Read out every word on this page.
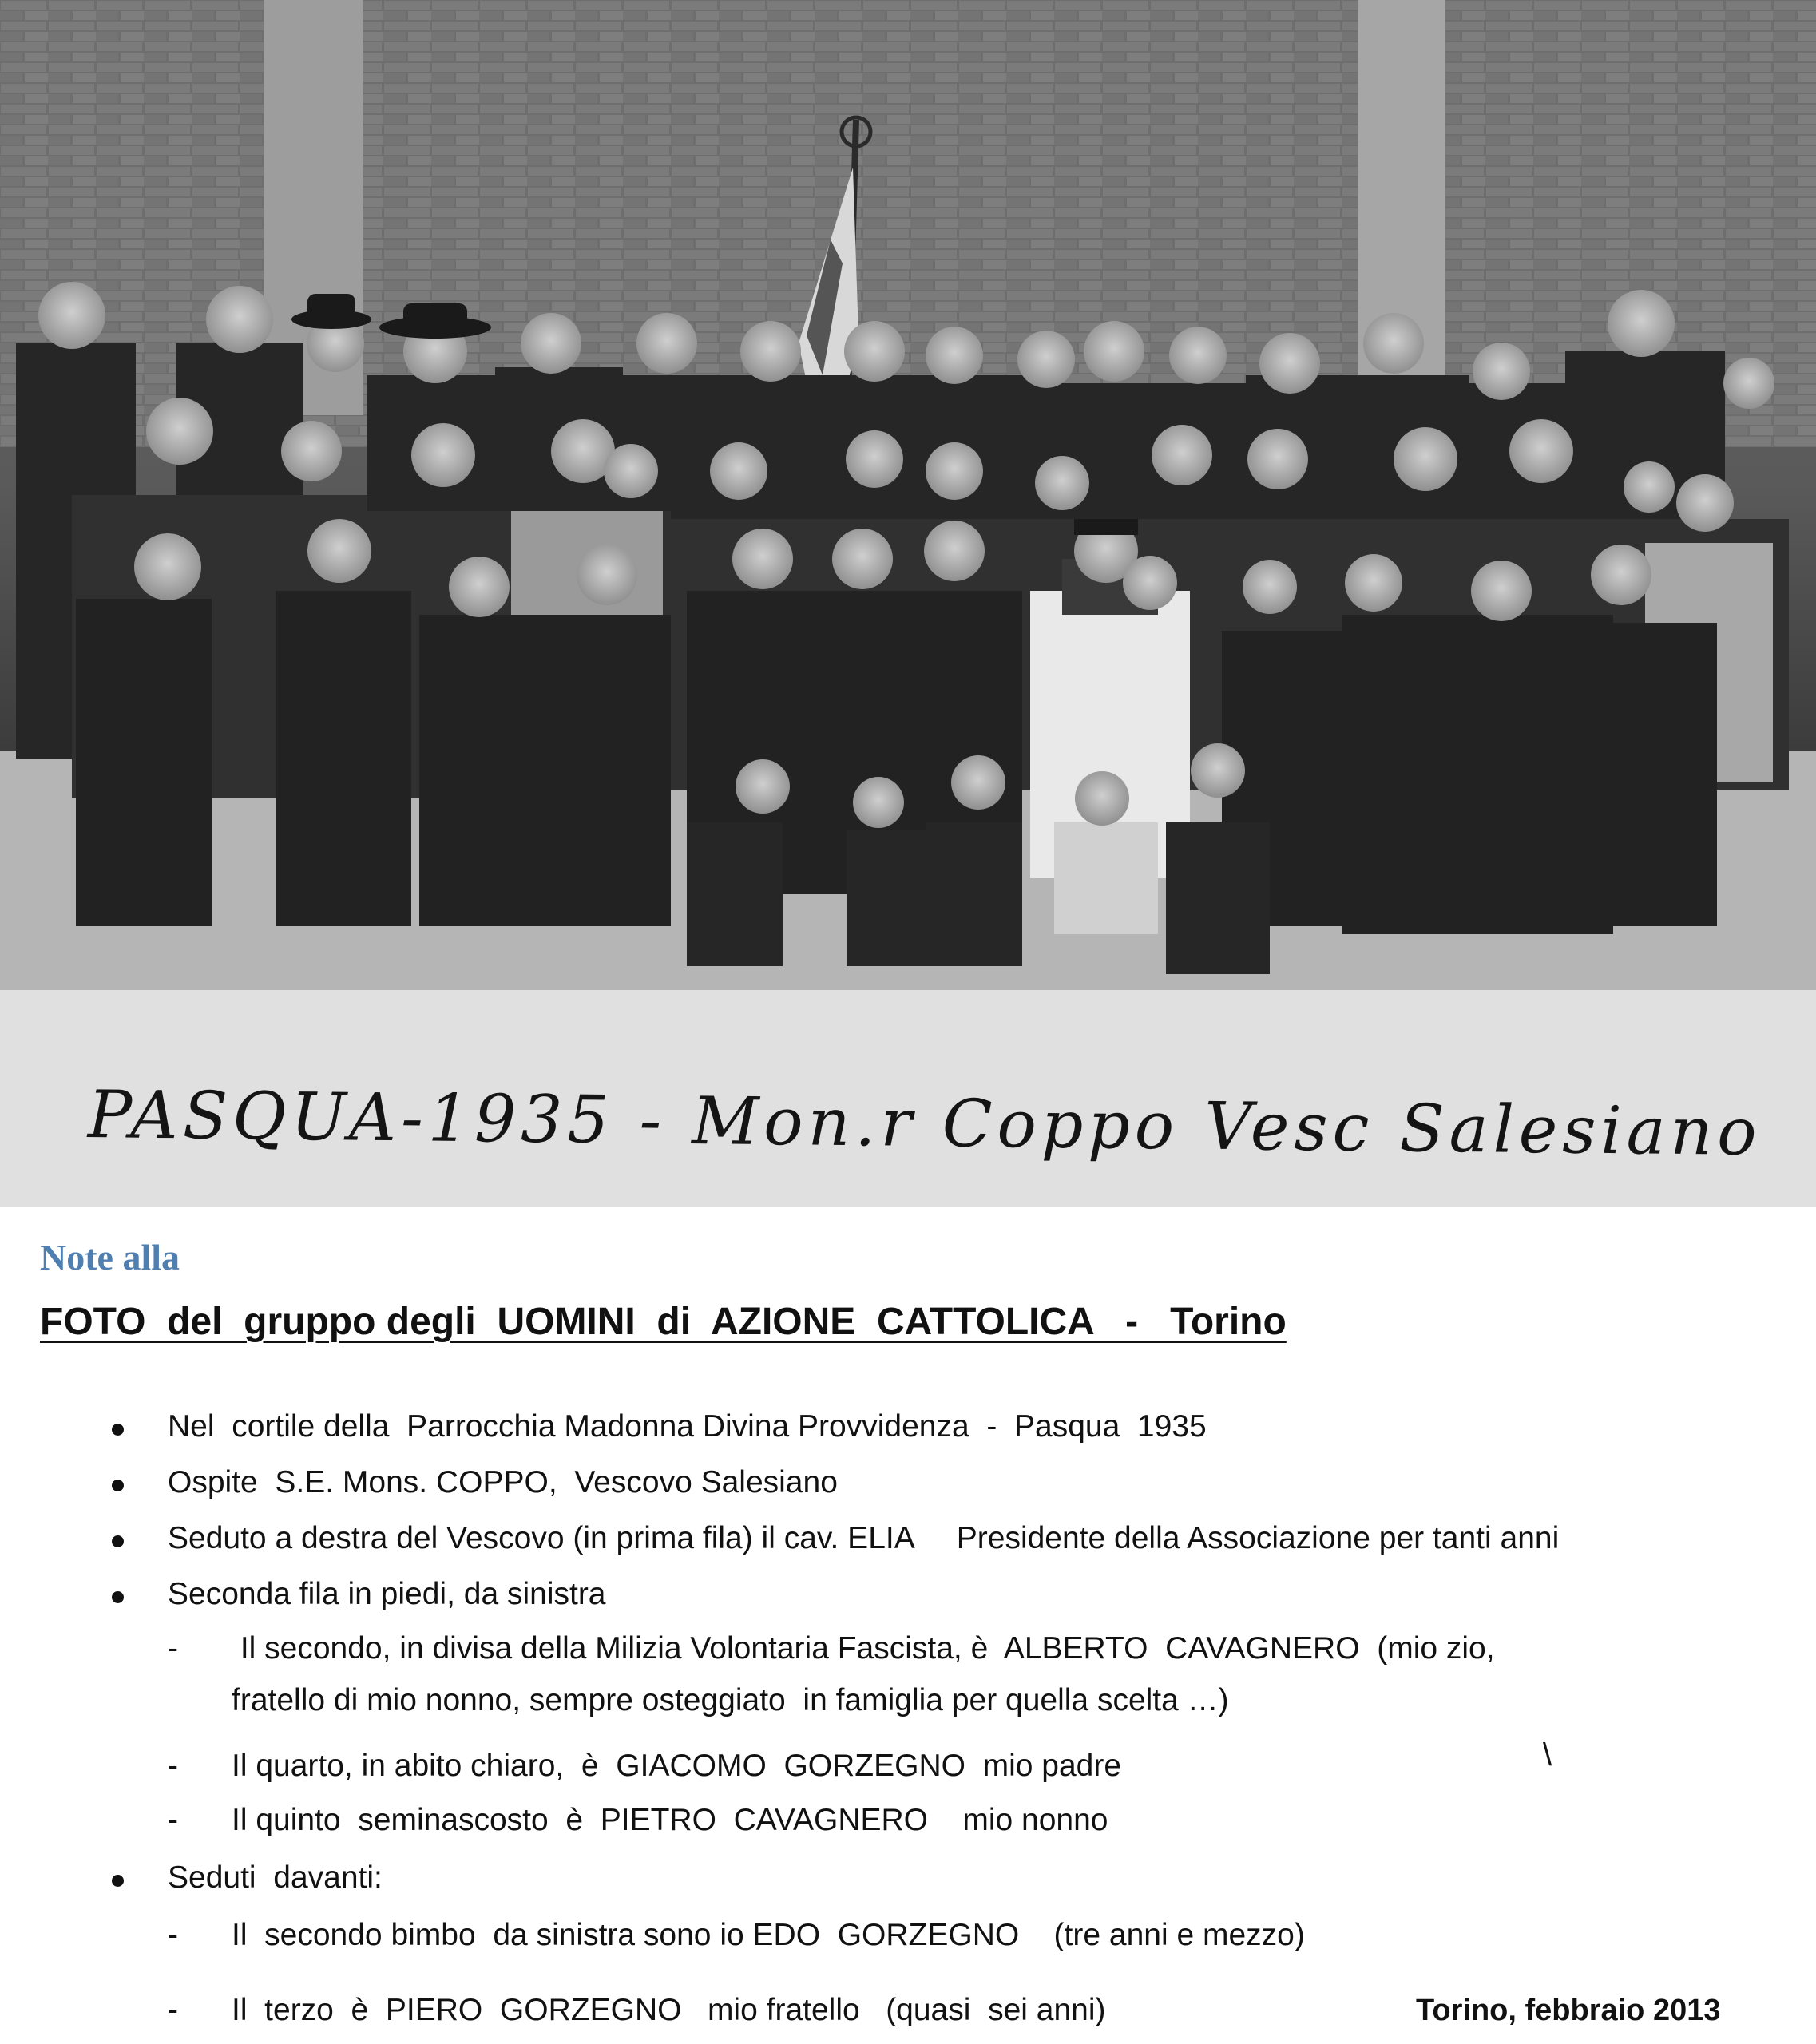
PASQUA-1935 - Mon.r Coppo Vesc Salesiano
Note alla
FOTO  del  gruppo degli  UOMINI  di  AZIONE  CATTOLICA   -   Torino
Nel  cortile della  Parrocchia Madonna Divina Provvidenza  -  Pasqua  1935
Ospite  S.E. Mons. COPPO,  Vescovo Salesiano
Seduto a destra del Vescovo (in prima fila) il cav. ELIA     Presidente della Associazione per tanti anni
Seconda fila in piedi, da sinistra
- Il secondo, in divisa della Milizia Volontaria Fascista, è  ALBERTO  CAVAGNERO  (mio zio,
fratello di mio nonno, sempre osteggiato  in famiglia per quella scelta …)
- Il quarto, in abito chiaro,  è  GIACOMO  GORZEGNO  mio padre	\
- Il quinto  seminascosto  è  PIETRO  CAVAGNERO    mio nonno
Seduti  davanti:
- Il  secondo bimbo  da sinistra sono io EDO  GORZEGNO    (tre anni e mezzo)
- Il  terzo  è  PIERO  GORZEGNO   mio fratello   (quasi  sei anni)	Torino, febbraio 2013
